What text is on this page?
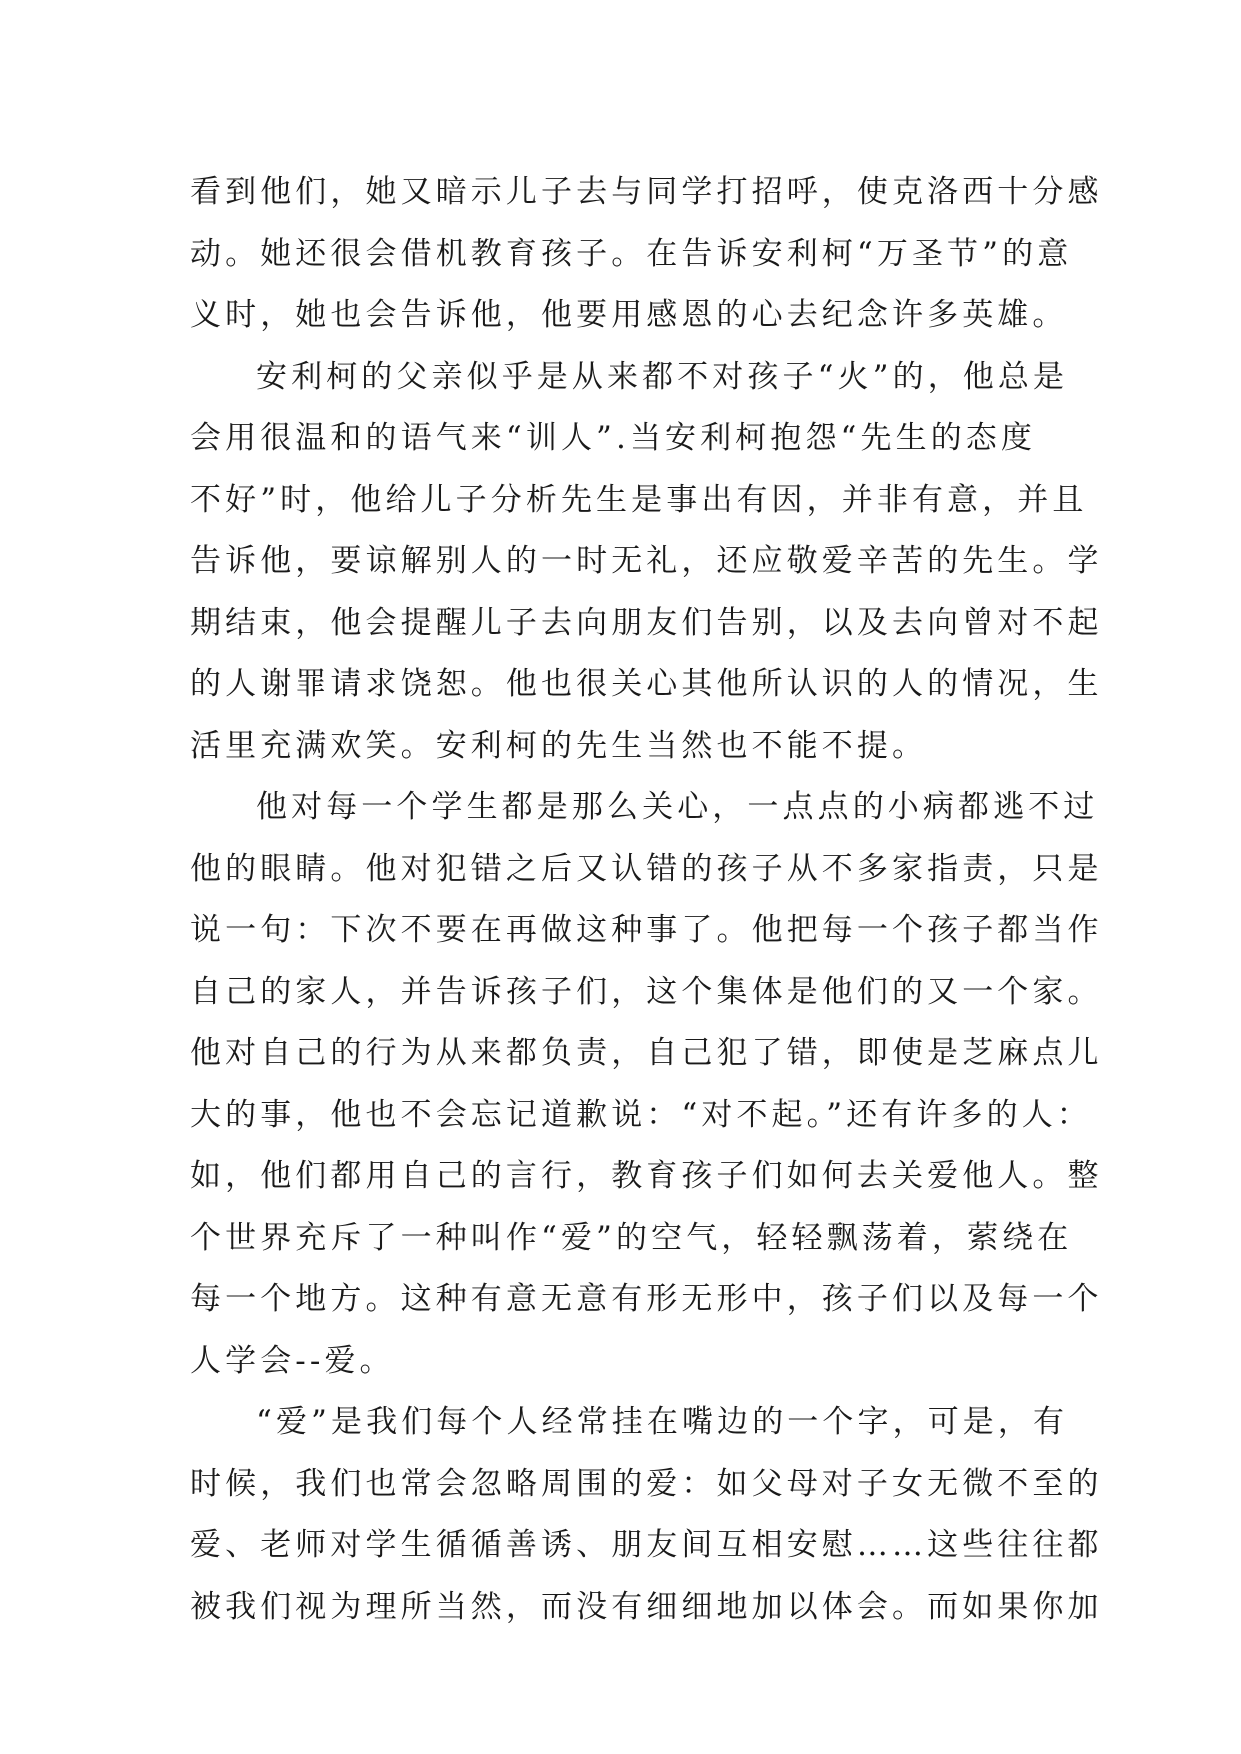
看到他们，她又暗示儿子去与同学打招呼，使克洛西十分感
动。她还很会借机教育孩子。在告诉安利柯“万圣节”的意
义时，她也会告诉他，他要用感恩的心去纪念许多英雄。
安利柯的父亲似乎是从来都不对孩子“火”的，他总是
会用很温和的语气来“训人”.当安利柯抱怨“先生的态度
不好”时，他给儿子分析先生是事出有因，并非有意，并且
告诉他，要谅解别人的一时无礼，还应敬爱辛苦的先生。学
期结束，他会提醒儿子去向朋友们告别，以及去向曾对不起
的人谢罪请求饶恕。他也很关心其他所认识的人的情况，生
活里充满欢笑。安利柯的先生当然也不能不提。
他对每一个学生都是那么关心，一点点的小病都逃不过
他的眼睛。他对犯错之后又认错的孩子从不多家指责，只是
说一句：下次不要在再做这种事了。他把每一个孩子都当作
自己的家人，并告诉孩子们，这个集体是他们的又一个家。
他对自己的行为从来都负责，自己犯了错，即使是芝麻点儿
大的事，他也不会忘记道歉说：“对不起。”还有许多的人：
如，他们都用自己的言行，教育孩子们如何去关爱他人。整
个世界充斥了一种叫作“爱”的空气，轻轻飘荡着，萦绕在
每一个地方。这种有意无意有形无形中，孩子们以及每一个
人学会--爱。
“爱”是我们每个人经常挂在嘴边的一个字，可是，有
时候，我们也常会忽略周围的爱：如父母对子女无微不至的
爱、老师对学生循循善诱、朋友间互相安慰……这些往往都
被我们视为理所当然，而没有细细地加以体会。而如果你加
